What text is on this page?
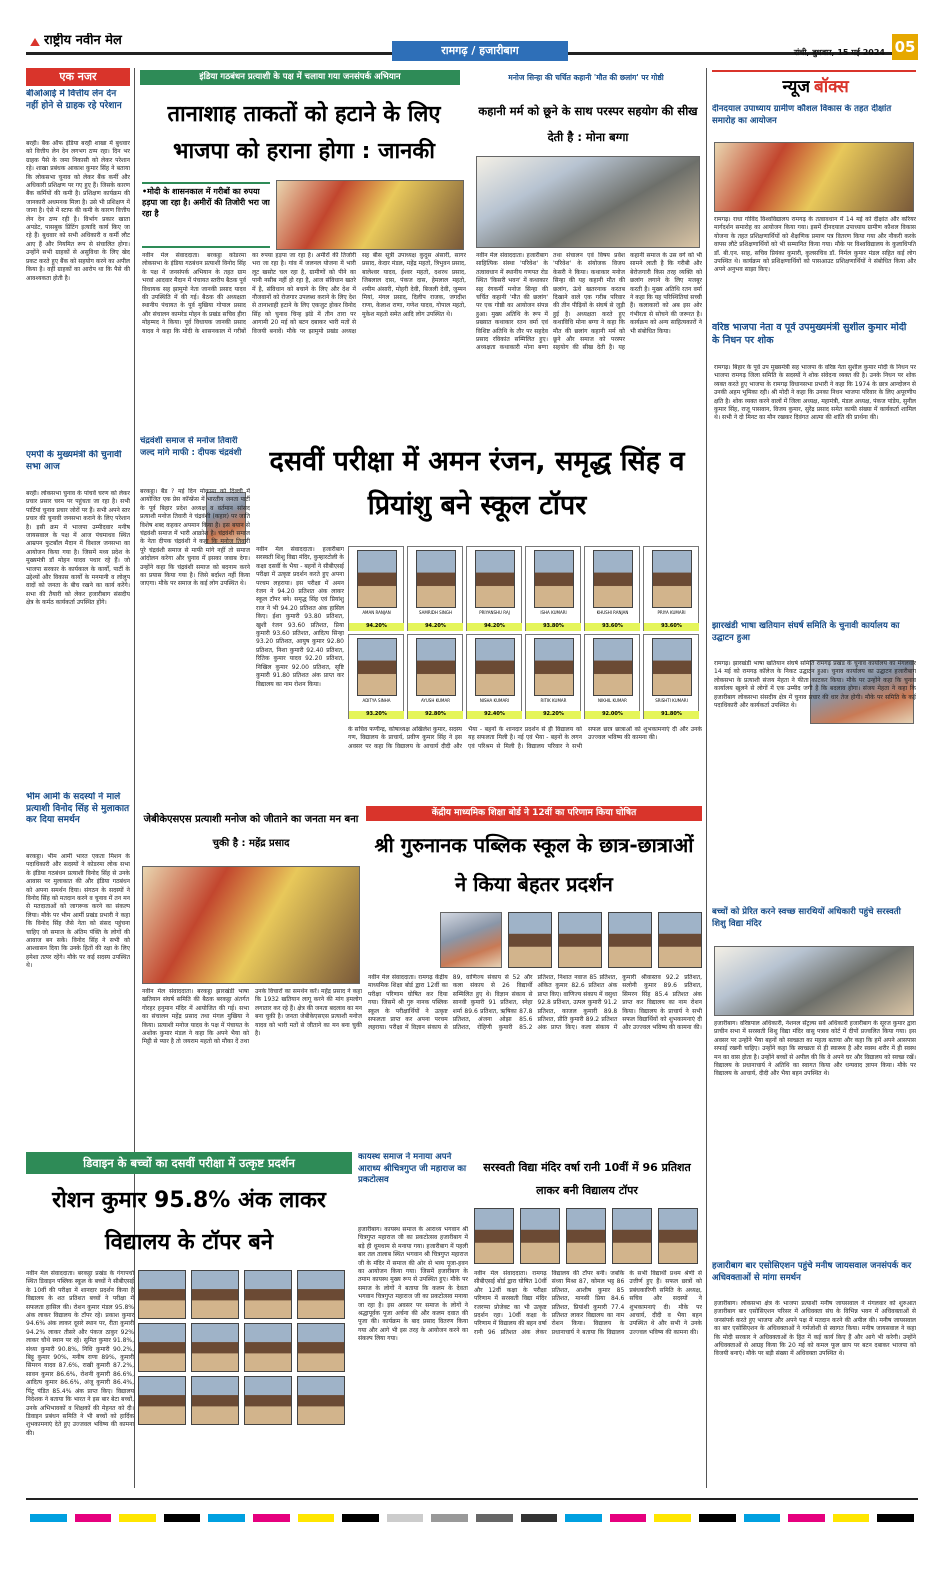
राष्ट्रीय नवीन मेल
रामगढ़ / हजारीबाग	रांची, बुधवार, 15 मई 2024 05
एक नजर
बीओआई में वित्तीय लेन देन नहीं होने से ग्राहक रहे परेशान
बरही। बैंक ऑफ इंडिया बरही शाखा में बुधवार को वित्तीय लेन देन लगभग ठप्प रहा। दिन भर ग्राहक पैसे के जमा निकासी को लेकर परेशान रहे। शाखा प्रबंधक आकाश कुमार सिंह ने बताया कि लोकसभा चुनाव को लेकर बैंक कर्मी और अधिकारी प्रशिक्षण पर गए हुए हैं। जिसके कारण बैंक कर्मियों की कमी है। प्रशिक्षण कार्यक्रम की जानकारी अधमनक मिला है। उसे भी प्रशिक्षण में जाना है। ऐसे में स्टाफ की कमी के कारण वित्तीय लेन देन ठप्प रही है। विर्भाग प्रकार खाता अपडेट, पासबुक प्रिंटिंग इत्यादि कार्य किए जा रहे हैं। बुधवार को सभी अधिकारी व कर्मी लौट आए हैं और नियमित रूप से संचालित होगा। उन्होंने सभी ग्राहकों से असुविधा के लिए खेद प्रकट करते हुए बैंक को सहयोग करने का अपील किया है। वहीं ग्राहकों का आरोप था कि पैसे की आवश्यकता होती है।
एमपी के मुख्यमंत्री की चुनावी सभा आज
बरही। लोकसभा चुनाव के पांचवें चरण को लेकर प्रचार प्रसार चरम पर पहुंचता जा रहा है। सभी पार्टियां चुनाव प्रचार जोरों पर हैं। सभी अपने स्तर प्रचार की चुनावी जनसभा कराने के लिए परेशान है। इसी क्रम में भाजपा उम्मीदवार मनीष जायसवाल के पक्ष में आज पंचमाधव स्थित आम्रपन फुटबॉल मैदान में विशाल जनसभा का आयोजन किया गया है। जिसमें मध्य प्रदेश के मुख्यमंत्री डॉ मोहन यादव पधार रहे हैं। जो भाजपा सरकार के कार्यकाल के कार्यों, पार्टी के उद्देश्यों और विकास कार्यों के मनमानी व लोलुप वादों को जनता के बीच रखने का कार्य करेंगे। सभा की तैयारी को लेकर हजारीबाग संसदीय क्षेत्र के कर्मठ कार्यकर्ता उपस्थित होंगे।
भीम आर्मी के सदस्यों ने माले प्रत्याशी विनोद सिंह से मुलाकात कर दिया समर्थन
बरकट्ठा। भीम आर्मी भारत एकता मिशन के पदाधिकारी और सदस्यों ने कोडरमा लोक सभा के इंडिया गठबंधन प्रत्याशी विनोद सिंह से उनके आवास पर मुलाकात की और इंडिया गठबंधन को अपना समर्थन दिया। संगठन के सदस्यों ने विनोद सिंह को मतदान करने व चुनाव में तन मन से मतदाताओं को जागरूक करने का संकल्प लिया। मौके पर भीम आर्मी प्रखंड प्रभारी ने कहा कि विनोद सिंह जैसे नेता को संसद पहुंचना चाहिए जो समाज के अंतिम पंक्ति के लोगों की आवाज बन सकें। विनोद सिंह ने सभी को आश्वासन दिया कि उनके हितों की रक्षा के लिए हमेशा तत्पर रहेंगे। मौके पर कई सदस्य उपस्थित थे।
इंडिया गठबंधन प्रत्याशी के पक्ष में चलाया गया जनसंपर्क अभियान
तानाशाह ताकतों को हटाने के लिए भाजपा को हराना होगा : जानकी
•मोदी के शासनकाल में गरीबों का रुपया हड़पा जा रहा है। अमीरों की तिजोरी भरा जा रहा है
नवीन मेल संवाददाता। बरकट्ठा कोडरमा लोकसभा के इंडिया गठबंधन प्रत्याशी विनोद सिंह के पक्ष में जनसंपर्क अभियान के तहत ग्राम भरवां आदवार मैदान में पंचायत स्तरीय बैठक पूर्व विधायक सह झामुमो नेता जानकी प्रसाद यादव की उपस्थिति में की गई। बैठक की अध्यक्षता स्थानीय पंचायत के पूर्व मुखिया गोपाल प्रसाद और संचालन कामरेड मोहन के प्रखंड सचिव हीरा मोहम्मद ने किया। पूर्व विधायक जानकी प्रसाद यादव ने कहा कि मोदी के शासनकाल में गरीबों का रुपया हड़पा जा रहा है। अमीरों की तिजोरी भरा जा रहा है। गांव में जलनल योजना में भारी लूट खसोट चल रहा है, ग्रामीणों को पीने का पानी नसीब नहीं हो रहा है, आज संविधान खतरे में है, संविधान को बचाने के लिए और देश में नौजवानों को रोजगार उपलब्ध कराने के लिए देश से तानाशाही हटाने के लिए एकजुट होकर विनोद सिंह को चुनाव चिन्ह झंडे में तीन तारा पर आगामी 20 मई को बटन दबाकर भारी मतों से विजयी बनावें। मौके पर झामुमो प्रखंड अध्यक्ष सह बीस सूत्री उपाध्यक्ष कुदुस अंसारी, सागर प्रसाद, केदार मंडल, महेंद्र महतो, त्रिभुवन प्रसाद, बालेश्वर यादव, ईश्वर महतो, दशरथ प्रसाद, जिबलाल दास, पंकज दास, हेमलाल महतो, शमीम अंसारी, मोहरी देवी, बिजली देवी, जुम्मन मियां, मंगल प्रसाद, दिलीप राजक, जगदीश राणा, केलाश राणा, गणेश यादव, गोपाल महतो, मुकेश महतो समेत आदि लोग उपस्थित थे।
मनोज सिन्हा की चर्चित कहानी 'मौत की छलांग' पर गोष्ठी
कहानी मर्म को छूने के साथ परस्पर सहयोग की सीख देती है : मोना बग्गा
नवीन मेल संवाददाता। हजारीबाग साहित्यिक संस्था 'परिवेश' के तत्वावधान में स्थानीय गणपत रोड स्थित 'किसरी भवन' में कथाकार सह रंगकर्मी मनोज सिन्हा की चर्चित कहानी 'मौत की छलांग' पर एक गोष्ठी का आयोजन संपन्न हुआ। मुख्य अतिथि के रूप में प्रख्यात कथाकार रतन वर्मा एवं विशिष्ट अतिथि के तौर पर सहदेव प्रसाद रविकांत सम्मिलित हुए। अध्यक्षता कथाकारी मोना बग्गा तथा संचालन एवं विषय प्रवेश 'परिवेश' के संयोजक विजय केसरी ने किया। कथाकार मनोज सिन्हा की यह कहानी मौत की छलांग, ऊंचे खतरनाक करतब दिखाने वाले एक गरीब परिवार की तीन पीढ़ियों के संघर्ष से जुड़ी हुई है। अध्यक्षता करते हुए कथाविधि मोना बग्गा ने कहा कि मौत की छलांग कहानी मर्म को छूने और समाज को परस्पर सहयोग की सीख देती है। यह कहानी समाज के उस वर्ग को भी सामने लाती है कि गरीबी और बेरोजगारी किस तरह व्यक्ति को छलांग लगाने के लिए मजबूर करती है। मुख्य अतिथि रतन वर्मा ने कहा कि यह परिस्थितियां सच्ची हैं। कलाकारों को अब इस ओर गंभीरता से सोचने की जरूरत है। कार्यक्रम को अन्य साहित्यकारों ने भी संबोधित किया।
चंद्रवंशी समाज से मनोज तिवारी जल्द मांगे माफी : दीपक चंद्रवंशी
बरकट्ठा। बैंड ? मई दिन मोकामा को दिल्ली में आयोजित एक प्रेस कॉन्फ्रेंस में भारतीय जनता पार्टी के पूर्व बिहार प्रदेश अध्यक्ष व वर्तमान सांसद प्रत्याशी मनोज तिवारी ने चंद्रवंशी (कहार) पर जाति विशेष शब्द कहकर अपमान किया है। इस बयान से चंद्रवंशी समाज में भारी आक्रोश है। चंद्रवंशी समाज के नेता दीपक चंद्रवंशी ने कहा कि मनोज तिवारी पूरे चंद्रवंशी समाज से माफी मांगे नहीं तो समाज आंदोलन करेगा और चुनाव में इसका जवाब देगा। उन्होंने कहा कि चंद्रवंशी समाज को बदनाम करने का प्रयास किया गया है। जिसे बर्दाश्त नहीं किया जाएगा। मौके पर समाज के कई लोग उपस्थित थे।
दसवीं परीक्षा में अमन रंजन, समृद्ध सिंह व प्रियांशु बने स्कूल टॉपर
नवीन मेल संवाददाता। हजारीबाग सरस्वती शिशु विद्या मंदिर, कुम्हारटोली के कक्षा दसवीं के भैया - बहनों ने सीबीएसई परीक्षा में उत्कृष्ट प्रदर्शन करते हुए अपना परचम लहराया। इस परीक्षा में अमन रंजन ने 94.20 प्रतिशत अंक लाकर स्कूल टॉपर बने। समृद्ध सिंह एवं प्रियांशु राज ने भी 94.20 प्रतिशत अंक हासिल किए। ईशा कुमारी 93.80 प्रतिशत, खुशी रंजन 93.60 प्रतिशत, प्रिया कुमारी 93.60 प्रतिशत, आदित्य सिन्हा 93.20 प्रतिशत, आयुष कुमार 92.80 प्रतिशत, निशा कुमारी 92.40 प्रतिशत, रितिक कुमार यादव 92.20 प्रतिशत, निखिल कुमार 92.00 प्रतिशत, सृष्टि कुमारी 91.80 प्रतिशत अंक प्राप्त कर विद्यालय का नाम रोशन किया।
AMAN RANJAN
94.20%
SAMRIDH SINGH
94.20%
PRIYANSHU RAJ
94.20%
ISHA KUMARI
93.80%
KHUSHI RANJAN
93.60%
PRIYA KUMARI
93.60%
ADITYA SINHA
93.20%
AYUSH KUMAR
92.80%
NISHA KUMARI
92.40%
RITIK KUMAR
92.20%
NIKHIL KUMAR
92.00%
SRISHTI KUMARI
91.80%
के सचिव फणीन्द्र, कोषाध्यक्ष अखिलेश कुमार, सदस्य गण, विद्यालय के प्राचार्य, प्रवीण कुमार सिंह ने इस अवसर पर कहा कि विद्यालय के आचार्य दीदी और भैया - बहनों के शानदार प्रदर्शन से ही विद्यालय को यह सफलता मिली है। नई एवं भैया - बहनों के लगन एवं परिश्रम से मिली है। विद्यालय परिवार ने सभी सफल छात्र छात्राओं को शुभकामनाएं दी और उनके उज्ज्वल भविष्य की कामना की।
जेबीकेएसएस प्रत्याशी मनोज को जीताने का जनता मन बना चुकी है : महेंद्र प्रसाद
नवीन मेल संवाददाता। बरकट्ठा झारखंडी भाषा खतियान संघर्ष समिति की बैठक बरकट्ठा अंतर्गत गोरहर हनुमान मंदिर में आयोजित की गई। सभा का संचालन महेंद्र प्रसाद तथा मंगल मुखिया ने किया। प्रत्याशी मनोज यादव के पक्ष में पंचायत के अशोक कुमार मंडल ने कहा कि अपने भैया को मिट्टी से प्यार है तो जयराम महतो को मौका दें तथा उनके विचारों का समर्थन करें। महेंद्र प्रसाद ने कहा कि 1932 खतियान लागू करने की मांग हमलोग लगातार कर रहे हैं। क्षेत्र की जनता बदलाव का मन बना चुकी है। जनता जेबीकेएसएस प्रत्याशी मनोज यादव को भारी मतों से जीताने का मन बना चुकी है।
केंद्रीय माध्यमिक शिक्षा बोर्ड ने 12वीं का परिणाम किया घोषित
श्री गुरुनानक पब्लिक स्कूल के छात्र-छात्राओं ने किया बेहतर प्रदर्शन
नवीन मेल संवाददाता। रामगढ़ केंद्रीय माध्यमिक शिक्षा बोर्ड द्वारा 12वीं का परीक्षा परिणाम घोषित कर दिया गया। जिसमें श्री गुरु नानक पब्लिक स्कूल के परीक्षार्थियों ने उत्कृष्ट सफलता प्राप्त कर अपना परचम लहराया। परीक्षा में विज्ञान संकाय से 89, वाणिज्य संकाय से 52 और कला संकाय से 26 विद्यार्थी सम्मिलित हुए थे। विज्ञान संकाय से सानवी कुमारी 91 प्रतिशत, स्नेहा शर्मा 89.6 प्रतिशत, ऋषिका 87.8 प्रतिशत, अंजना ओझा 85.6 प्रतिशत, रोहिणी कुमारी 85.2 प्रतिशत, निशात नवाज 85 प्रतिशत, अंकित कुमार 82.6 प्रतिशत अंक प्राप्त किए। वाणिज्य संकाय में वसुधा 92.8 प्रतिशत, उत्पल कुमारी 91.2 प्रतिशत, काजल कुमारी 89.8 प्रतिशत, प्रीति कुमारी 89.2 प्रतिशत अंक प्राप्त किए। कला संकाय में कुमारी श्रीवास्तव 92.2 प्रतिशत, सलोनी कुमार 89.6 प्रतिशत, सिमरन सिंह 85.4 प्रतिशत अंक प्राप्त कर विद्यालय का नाम रोशन किया। विद्यालय के प्राचार्य ने सभी सफल विद्यार्थियों को शुभकामनाएं दी और उज्ज्वल भविष्य की कामना की।
डिवाइन के बच्चों का दसवीं परीक्षा में उत्कृष्ट प्रदर्शन
रोशन कुमार 95.8% अंक लाकर विद्यालय के टॉपर बने
नवीन मेल संवाददाता। बरकट्ठा प्रखंड के गंगापचो स्थित डिवाइन पब्लिक स्कूल के बच्चों ने सीबीएसई के 10वीं की परीक्षा में शानदार प्रदर्शन किया है विद्यालय के शत प्रतिशत बच्चों ने परीक्षा में सफलता हासिल की। रोशन कुमार मंडल 95.8% अंक लाकर विद्यालय के टॉपर रहे। प्रकाश कुमार 94.6% अंक लाकर दूसरे स्थान पर, रीता कुमारी 94.2% लाकर तीसरे और पंकज ठाकुर 92% लाकर चौथे स्थान पर रहे। सुमित कुमार 91.8%, संध्या कुमारी 90.8%, निधि कुमारी 90.2%, बिट्टू कुमार 90%, मनीष राणा 89%, कुमारी सिमरन यादव 87.6%, राखी कुमारी 87.2%, सावन कुमार 86.6%, रोशनी कुमारी 86.6%, आदित्य कुमार 86.6%, अंजू कुमारी 86.4%, पिंटू पंडित 85.4% अंक प्राप्त किए। विद्यालय निदेशक ने बताया कि भारत ने इस बार बेटा बच्चों, उनके अभिभावकों व शिक्षकों की मेहनत को दी। डिवाइन प्रबंधन समिति ने भी बच्चों को हार्दिक शुभकामनाएं देते हुए उज्जवल भविष्य की कामना की।
कायस्थ समाज ने मनाया अपने आराध्य श्रीचित्रगुप्त जी महाराज का प्रकटोत्सव
हजारीबाग। कायस्थ समाज के आराध्य भगवान श्री चित्रगुप्त महाराज जी का प्रकटोत्सव हजारीबाग में बड़े ही धूमधाम से मनाया गया। हजारीबाग में पहली बार तल तालाब स्थित भगवान श्री चित्रगुप्त महाराज जी के मंदिर में समाज की ओर से भव्य पूजा-हवन का आयोजन किया गया। जिसमें हजारीबाग के तमाम कायस्थ मुख्य रूप से उपस्थित हुए। मौके पर समाज के लोगों ने बताया कि कलम के देवता भगवान चित्रगुप्त महाराज जी का प्रकटोत्सव मनाया जा रहा है। इस अवसर पर समाज के लोगों ने श्रद्धापूर्वक पूजा अर्चना की और कलम दवात की पूजा की। कार्यक्रम के बाद प्रसाद वितरण किया गया और आगे भी इस तरह के आयोजन करने का संकल्प लिया गया।
सरस्वती विद्या मंदिर वर्षा रानी 10वीं में 96 प्रतिशत लाकर बनी विद्यालय टॉपर
नवीन मेल संवाददाता। रामगढ़ सीबीएसई बोर्ड द्वारा घोषित 10वीं और 12वीं कक्षा के परीक्षा परिणाम में सरस्वती विद्या मंदिर रजरप्पा प्रोजेक्ट का भी उत्कृष्ट प्रदर्शन रहा। 10वीं कक्षा के परिणाम में विद्यालय की बहन वर्षा रानी 96 प्रतिशत अंक लेकर विद्यालय की टॉपर बनी। जबकि संध्या मिश्रा 87, कोमल भट्ट 86 प्रतिशत, आशीष कुमार 85 प्रतिशत, मानसी प्रिया 84.6 प्रतिशत, प्रियांशी कुमारी 77.4 प्रतिशत लाकर विद्यालय का नाम रोशन किया। विद्यालय के प्रधानाचार्य ने बताया कि विद्यालय के सभी विद्यार्थी प्रथम श्रेणी से उत्तीर्ण हुए हैं। सफल छात्रों को प्रबंधकारिणी समिति के अध्यक्ष, सचिव और सदस्यों ने शुभकामनाएं दी। मौके पर आचार्य, दीदी व भैया बहन उपस्थित थे और सभी ने उनके उज्ज्वल भविष्य की कामना की।
न्यूज बॉक्स
दीनदयाल उपाध्याय ग्रामीण कौशल विकास के तहत दीक्षांत समारोह का आयोजन
रामगढ़। राधा गोविंद विश्वविद्यालय रामगढ़ के तत्वावधान में 14 मई को दीक्षांत और करियर मार्गदर्शन समारोह का आयोजन किया गया। इसमें दीनदयाल उपाध्याय ग्रामीण कौशल विकास योजना के तहत प्रशिक्षणार्थियों को शैक्षणिक प्रमाण पत्र वितरण किया गया और नौकरी करके वापस लौटे प्रशिक्षणार्थियों को भी सम्मानित किया गया। मौके पर विश्वविद्यालय के कुलाधिपति डॉ. बी.एन. साह, सचिव प्रियंका कुमारी, कुलसचिव डॉ. निर्मल कुमार मंडल सहित कई लोग उपस्थित थे। कार्यक्रम को प्रशिक्षणार्थियों को पासआउट प्रशिक्षणार्थियों ने संबोधित किया और अपने अनुभव साझा किए।
वरिष्ठ भाजपा नेता व पूर्व उपमुख्यमंत्री सुशील कुमार मोदी के निधन पर शोक
रामगढ़। बिहार के पूर्व उप मुख्यमंत्री सह भाजपा के वरिष्ठ नेता सुशील कुमार मोदी के निधन पर भाजपा रामगढ़ जिला समिति के सदस्यों ने शोक संवेदना व्यक्त की है। उनके निधन पर शोक व्यक्त करते हुए भाजपा के रामगढ़ विधानसभा प्रभारी ने कहा कि 1974 के छात्र आन्दोलन से उनकी अहम भूमिका रही। श्री मोदी ने कहा कि उनका निधन भाजपा परिवार के लिए अपूरणीय क्षति है। शोक व्यक्त करने वालों में जिला अध्यक्ष, महामंत्री, मंडल अध्यक्ष, पंकज पांडेय, सुनील कुमार सिंह, राजू पासवान, विजय कुमार, सुरेंद्र प्रसाद समेत काफी संख्या में कार्यकर्ता शामिल थे। सभी ने दो मिनट का मौन रखकर दिवंगत आत्मा की शांति की प्रार्थना की।
झारखंडी भाषा खतियान संघर्ष समिति के चुनावी कार्यालय का उद्घाटन हुआ
रामगढ़। झारखंडी भाषा खतियान संघर्ष समिति रामगढ़ प्रखंड के चुनाव कार्यालय का मंगलवार 14 मई को रामगढ़ कॉलेज के निकट उद्घाटन हुआ। चुनाव कार्यालय का उद्घाटन हजारीबाग लोकसभा के प्रत्याशी संजय मेहता ने फीता काटकर किया। मौके पर उन्होंने कहा कि चुनाव कार्यालय खुलने से लोगों में एक उम्मीद जगी है कि बदलाव होगा। संजय मेहता ने कहा कि हजारीबाग लोकसभा संसदीय क्षेत्र में चुनाव प्रचार की धार तेज होगी। मौके पर समिति के कई पदाधिकारी और कार्यकर्ता उपस्थित थे।
बच्चों को प्रेरित करने स्वच्छ सारथियों अधिकारी पहुंचे सरस्वती शिशु विद्या मंदिर
हजारीबाग। वरिष्ठपाल अधिकारी, नेशनल सेंट्रल्स सर्वे अधिकारी हजारीबाग के सूरज कुमार द्वारा प्राचीन सभा में सरस्वती शिशु विद्या मंदिर वासु पत्राव कोर्ट में दीपों प्रज्वलित किया गया। इस अवसर पर उन्होंने भैया बहनों को स्वच्छता का महत्व बताया और कहा कि हमें अपने आसपास सफाई रखनी चाहिए। उन्होंने कहा कि स्वच्छता से ही स्वास्थ्य है और स्वस्थ शरीर में ही स्वस्थ मन का वास होता है। उन्होंने बच्चों से अपील की कि वे अपने घर और विद्यालय को स्वच्छ रखें। विद्यालय के प्रधानाचार्य ने अतिथि का स्वागत किया और धन्यवाद ज्ञापन किया। मौके पर विद्यालय के आचार्य, दीदी और भैया बहन उपस्थित थे।
हजारीबाग बार एसोसिएशन पहुंचे मनीष जायसवाल जनसंपर्क कर अधिवक्ताओं से मांगा समर्थन
हजारीबाग। लोकसभा क्षेत्र के भाजपा प्रत्याशी मनीष जायसवाल ने मंगलवार को शुरुआत हजारीबाग बार एसोसिएशन परिसर में अधिवक्ता संघ के विभिन्न भवन में अधिवक्ताओं से जनसंपर्क करते हुए भाजपा और अपने पक्ष में मतदान करने की अपील की। मनीष जायसवाल का बार एसोसिएशन के अधिवक्ताओं ने गर्मजोशी से स्वागत किया। मनीष जायसवाल ने कहा कि मोदी सरकार ने अधिवक्ताओं के हित में कई कार्य किए हैं और आगे भी करेगी। उन्होंने अधिवक्ताओं से आग्रह किया कि 20 मई को कमल फूल छाप पर बटन दबाकर भाजपा को विजयी बनाएं। मौके पर बड़ी संख्या में अधिवक्ता उपस्थित थे।
